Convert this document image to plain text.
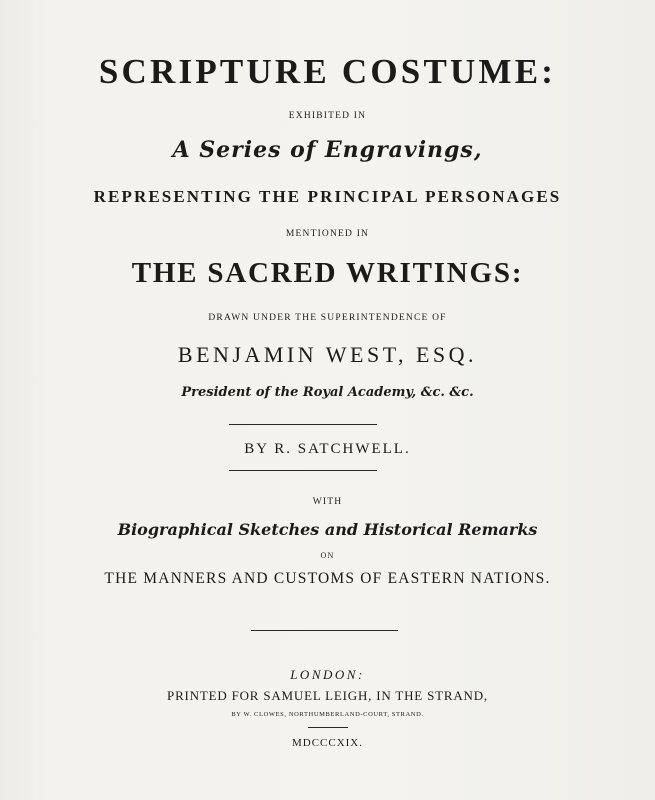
SCRIPTURE COSTUME:
EXHIBITED IN
A Series of Engravings,
REPRESENTING THE PRINCIPAL PERSONAGES
MENTIONED IN
THE SACRED WRITINGS:
DRAWN UNDER THE SUPERINTENDENCE OF
BENJAMIN WEST, ESQ.
President of the Royal Academy, &c. &c.
BY R. SATCHWELL.
WITH
Biographical Sketches and Historical Remarks
ON
THE MANNERS AND CUSTOMS OF EASTERN NATIONS.
LONDON:
PRINTED FOR SAMUEL LEIGH, IN THE STRAND,
BY W. CLOWES, NORTHUMBERLAND-COURT, STRAND.
MDCCCXIX.
